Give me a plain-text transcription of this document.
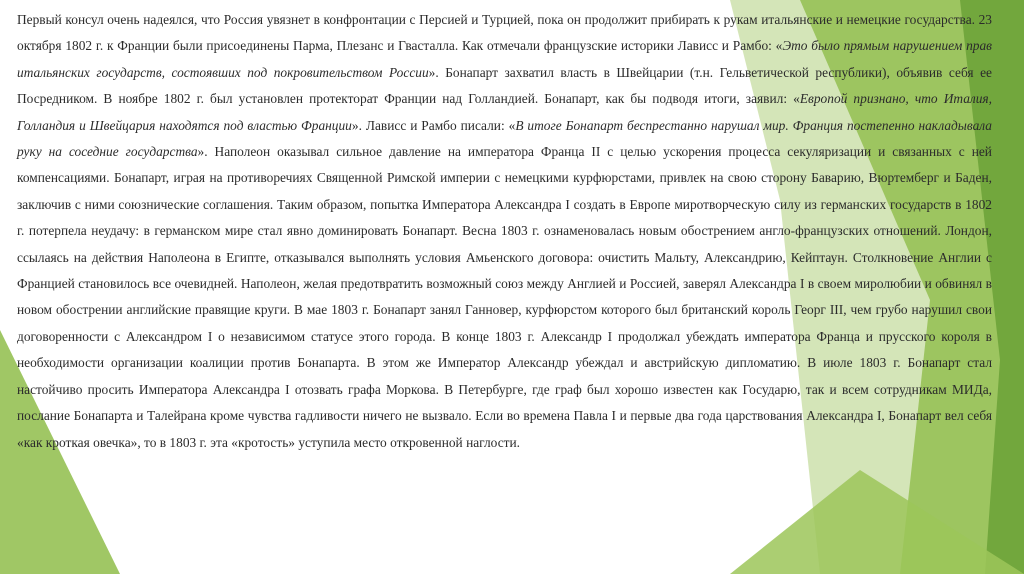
Первый консул очень надеялся, что Россия увязнет в конфронтации с Персией и Турцией, пока он продолжит прибирать к рукам итальянские и немецкие государства. 23 октября 1802 г. к Франции были присоединены Парма, Плезанс и Гвасталла. Как отмечали французские историки Лависс и Рамбо: «Это было прямым нарушением прав итальянских государств, состоявших под покровительством России». Бонапарт захватил власть в Швейцарии (т.н. Гельветической республики), объявив себя ее Посредником. В ноябре 1802 г. был установлен протекторат Франции над Голландией. Бонапарт, как бы подводя итоги, заявил: «Европой признано, что Италия, Голландия и Швейцария находятся под властью Франции». Лависс и Рамбо писали: «В итоге Бонапарт беспрестанно нарушал мир. Франция постепенно накладывала руку на соседние государства». Наполеон оказывал сильное давление на императора Франца II с целью ускорения процесса секуляризации и связанных с ней компенсациями. Бонапарт, играя на противоречиях Священной Римской империи с немецкими курфюрстами, привлек на свою сторону Баварию, Вюртемберг и Баден, заключив с ними союзнические соглашения. Таким образом, попытка Императора Александра I создать в Европе миротворческую силу из германских государств в 1802 г. потерпела неудачу: в германском мире стал явно доминировать Бонапарт. Весна 1803 г. ознаменовалась новым обострением англо-французских отношений. Лондон, ссылаясь на действия Наполеона в Египте, отказывался выполнять условия Амьенского договора: очистить Мальту, Александрию, Кейптаун. Столкновение Англии с Францией становилось все очевидней. Наполеон, желая предотвратить возможный союз между Англией и Россией, заверял Александра I в своем миролюбии и обвинял в новом обострении английские правящие круги. В мае 1803 г. Бонапарт занял Ганновер, курфюрстом которого был британский король Георг III, чем грубо нарушил свои договоренности с Александром I о независимом статусе этого города. В конце 1803 г. Александр I продолжал убеждать императора Франца и прусского короля в необходимости организации коалиции против Бонапарта. В этом же Император Александр убеждал и австрийскую дипломатию. В июле 1803 г. Бонапарт стал настойчиво просить Императора Александра I отозвать графа Моркова. В Петербурге, где граф был хорошо известен как Государю, так и всем сотрудникам МИДа, послание Бонапарта и Талейрана кроме чувства гадливости ничего не вызвало. Если во времена Павла I и первые два года царствования Александра I, Бонапарт вел себя «как кроткая овечка», то в 1803 г. эта «кротость» уступила место откровенной наглости.
